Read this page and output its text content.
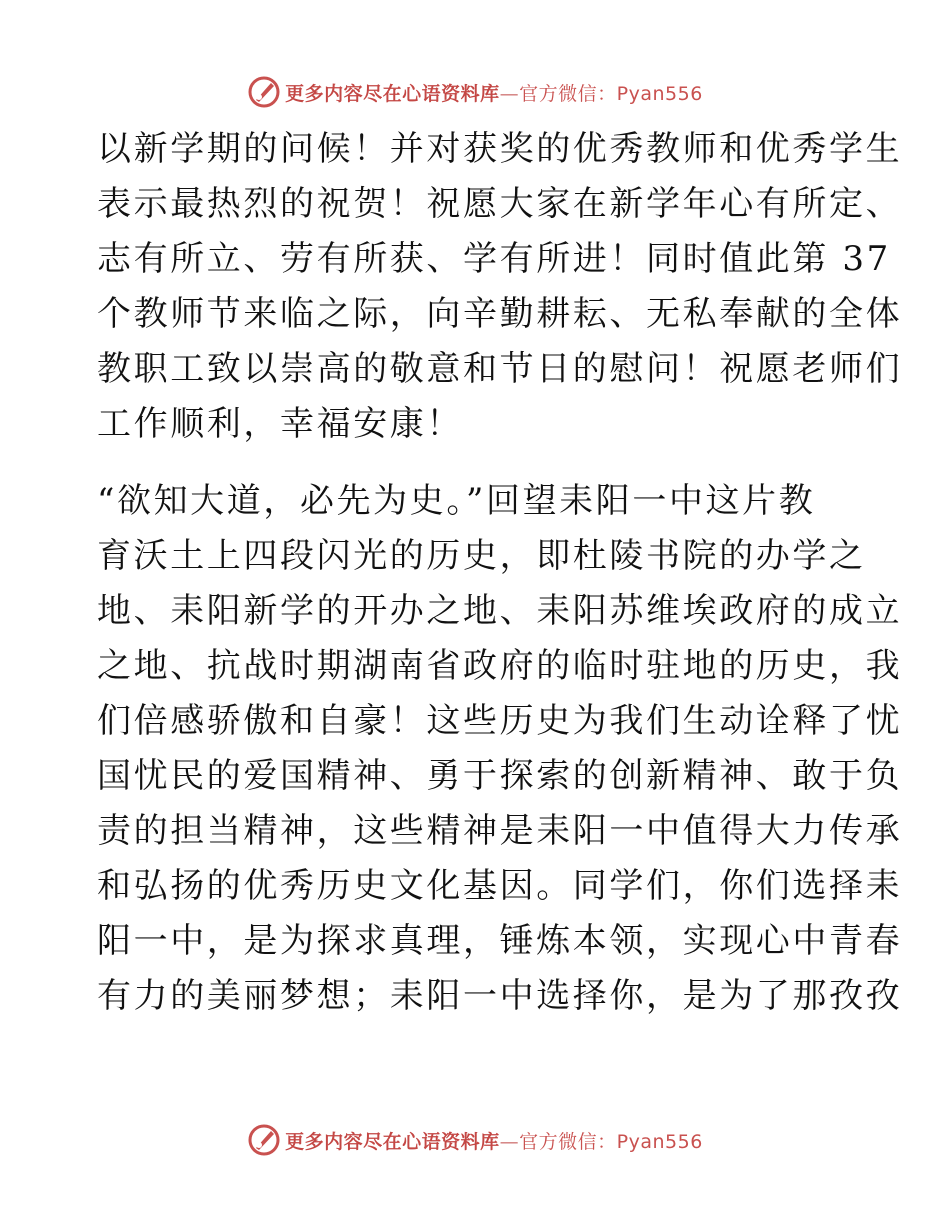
更多内容尽在心语资料库—官方微信：Pyan556

以新学期的问候！并对获奖的优秀教师和优秀学生
表示最热烈的祝贺！祝愿大家在新学年心有所定、
志有所立、劳有所获、学有所进！同时值此第 37
个教师节来临之际，向辛勤耕耘、无私奉献的全体
教职工致以崇高的敬意和节日的慰问！祝愿老师们
工作顺利，幸福安康！

“欲知大道，必先为史。”回望耒阳一中这片教
育沃土上四段闪光的历史，即杜陵书院的办学之
地、耒阳新学的开办之地、耒阳苏维埃政府的成立
之地、抗战时期湖南省政府的临时驻地的历史，我
们倍感骄傲和自豪！这些历史为我们生动诠释了忧
国忧民的爱国精神、勇于探索的创新精神、敢于负
责的担当精神，这些精神是耒阳一中值得大力传承
和弘扬的优秀历史文化基因。同学们，你们选择耒
阳一中，是为探求真理，锤炼本领，实现心中青春
有力的美丽梦想；耒阳一中选择你，是为了那孜孜

更多内容尽在心语资料库—官方微信：Pyan556
